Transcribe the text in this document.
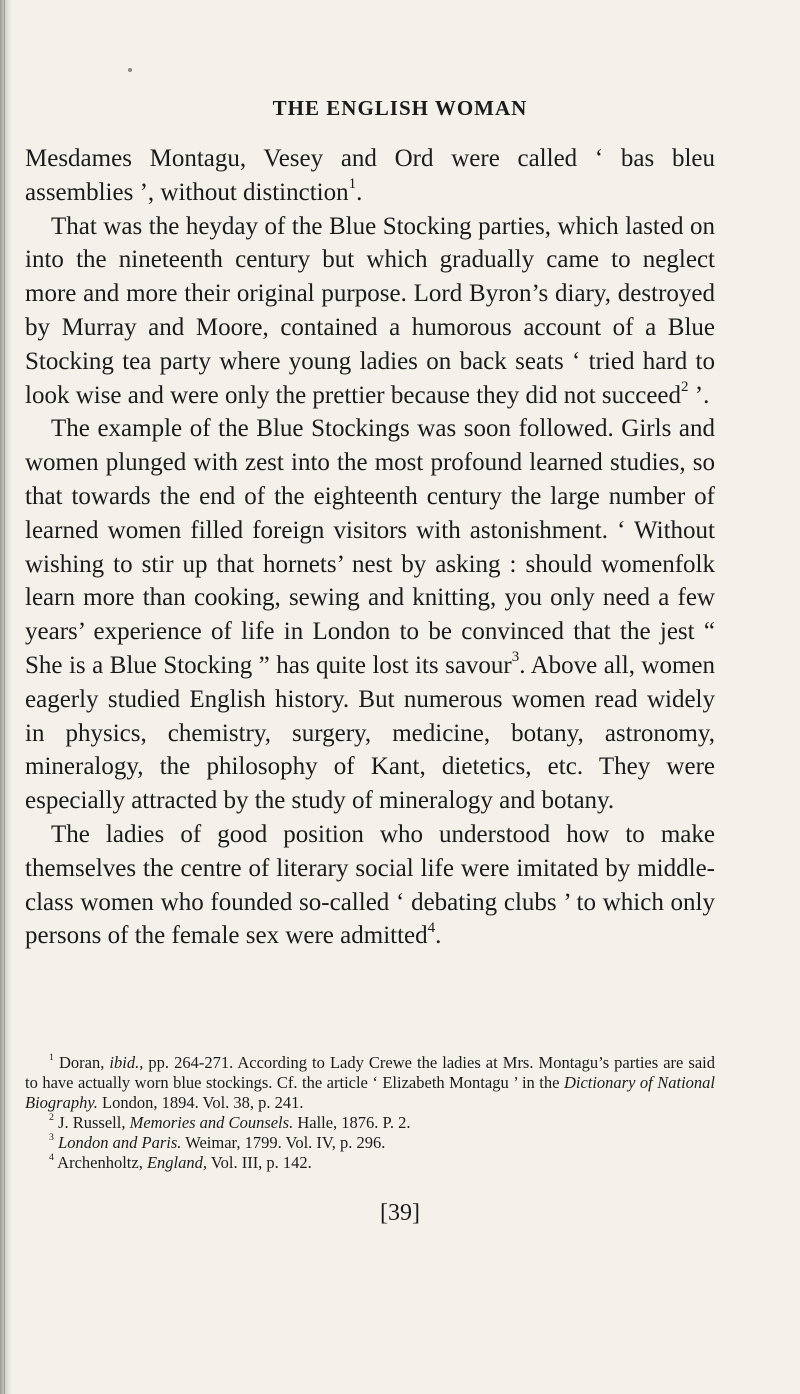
THE ENGLISH WOMAN

Mesdames Montagu, Vesey and Ord were called ‘ bas bleu assemblies ’, without distinction$^1$.

That was the heyday of the Blue Stocking parties, which lasted on into the nineteenth century but which gradually came to neglect more and more their original purpose. Lord Byron’s diary, destroyed by Murray and Moore, contained a humorous account of a Blue Stocking tea party where young ladies on back seats ‘ tried hard to look wise and were only the prettier because they did not succeed$^2$ ’.

The example of the Blue Stockings was soon followed. Girls and women plunged with zest into the most profound learned studies, so that towards the end of the eighteenth century the large number of learned women filled foreign visitors with astonishment. ‘ Without wishing to stir up that hornets’ nest by asking : should womenfolk learn more than cooking, sewing and knitting, you only need a few years’ experience of life in London to be convinced that the jest “ She is a Blue Stocking ” has quite lost its savour$^3$. Above all, women eagerly studied English history. But numerous women read widely in physics, chemistry, surgery, medicine, botany, astronomy, mineralogy, the philosophy of Kant, dietetics, etc. They were especially attracted by the study of mineralogy and botany.

The ladies of good position who understood how to make themselves the centre of literary social life were imitated by middle-class women who founded so-called ‘ debating clubs ’ to which only persons of the female sex were admitted$^4$.

$^1$ Doran, ibid., pp. 264-271. According to Lady Crewe the ladies at Mrs. Montagu’s parties are said to have actually worn blue stockings. Cf. the article ‘ Elizabeth Montagu ’ in the Dictionary of National Biography. London, 1894. Vol. 38, p. 241.

$^2$ J. Russell, Memories and Counsels. Halle, 1876. P. 2.

$^3$ London and Paris. Weimar, 1799. Vol. IV, p. 296.

$^4$ Archenholtz, England, Vol. III, p. 142.

[39]
